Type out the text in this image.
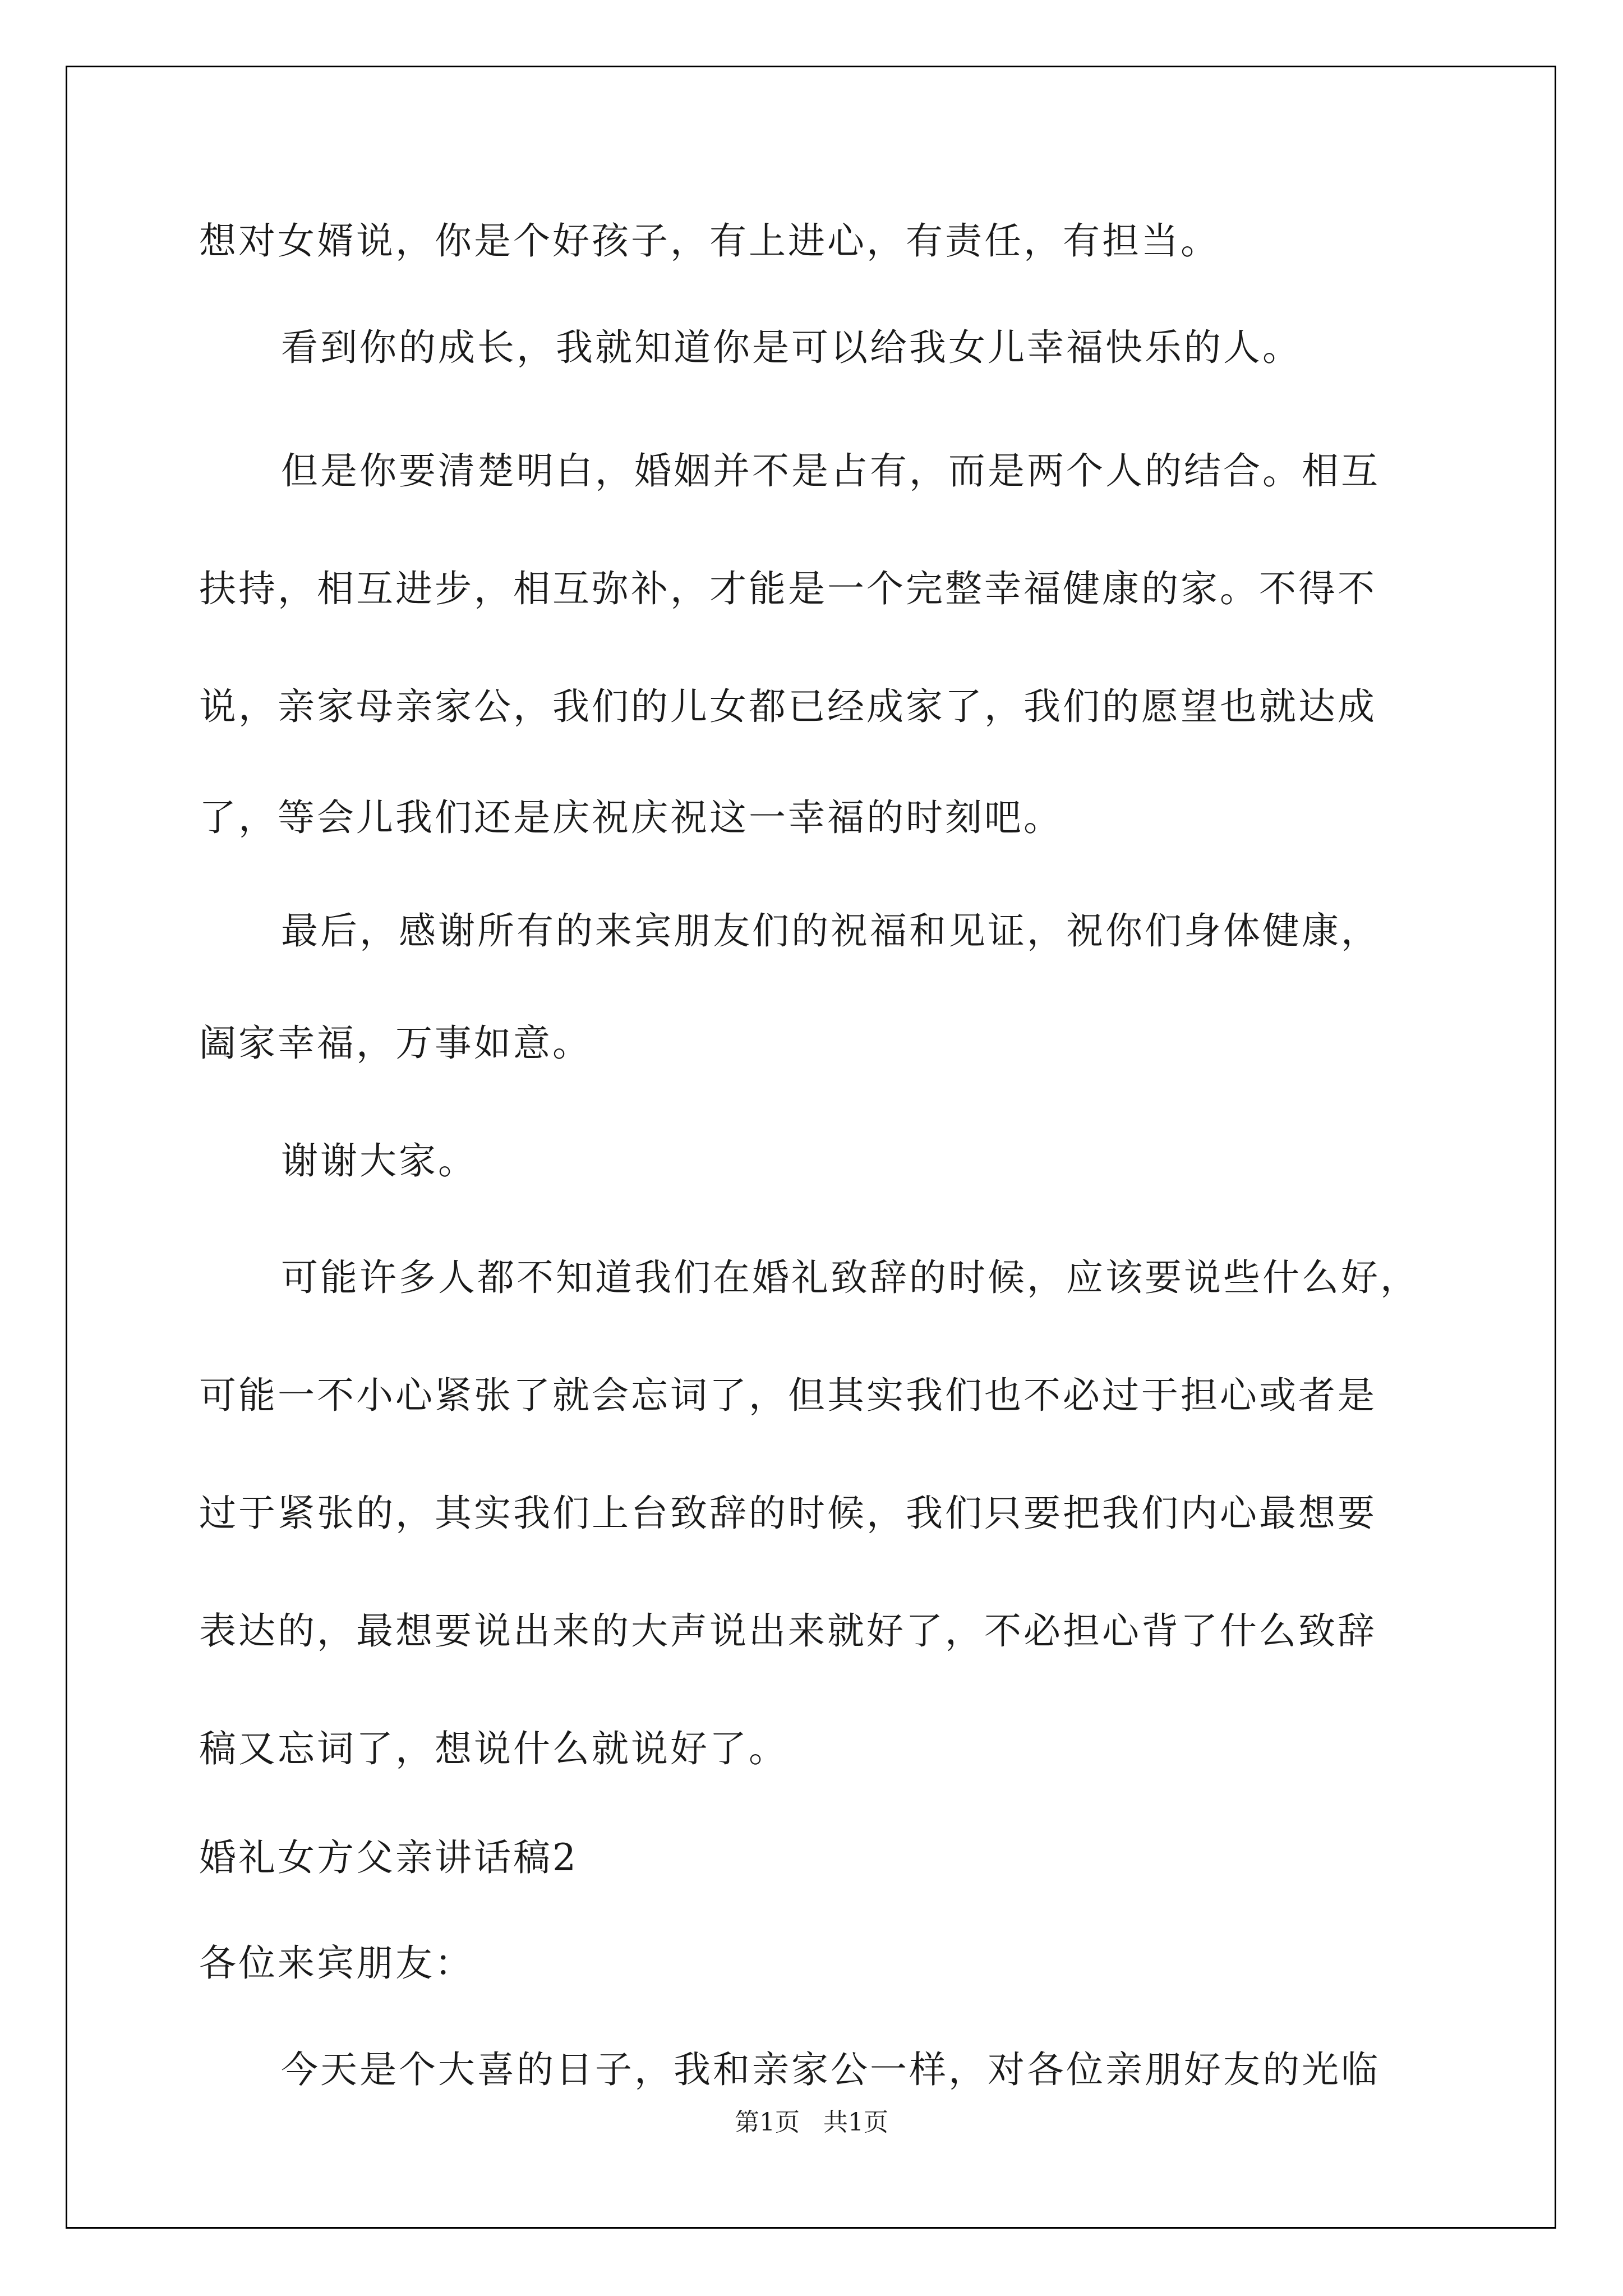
想对女婿说，你是个好孩子，有上进心，有责任，有担当。
看到你的成长，我就知道你是可以给我女儿幸福快乐的人。
但是你要清楚明白，婚姻并不是占有，而是两个人的结合。相互
扶持，相互进步，相互弥补，才能是一个完整幸福健康的家。不得不
说，亲家母亲家公，我们的儿女都已经成家了，我们的愿望也就达成
了，等会儿我们还是庆祝庆祝这一幸福的时刻吧。
最后，感谢所有的来宾朋友们的祝福和见证，祝你们身体健康，
阖家幸福，万事如意。
谢谢大家。
可能许多人都不知道我们在婚礼致辞的时候，应该要说些什么好，
可能一不小心紧张了就会忘词了，但其实我们也不必过于担心或者是
过于紧张的，其实我们上台致辞的时候，我们只要把我们内心最想要
表达的，最想要说出来的大声说出来就好了，不必担心背了什么致辞
稿又忘词了，想说什么就说好了。
婚礼女方父亲讲话稿2
各位来宾朋友：
今天是个大喜的日子，我和亲家公一样，对各位亲朋好友的光临
第1页   共1页
